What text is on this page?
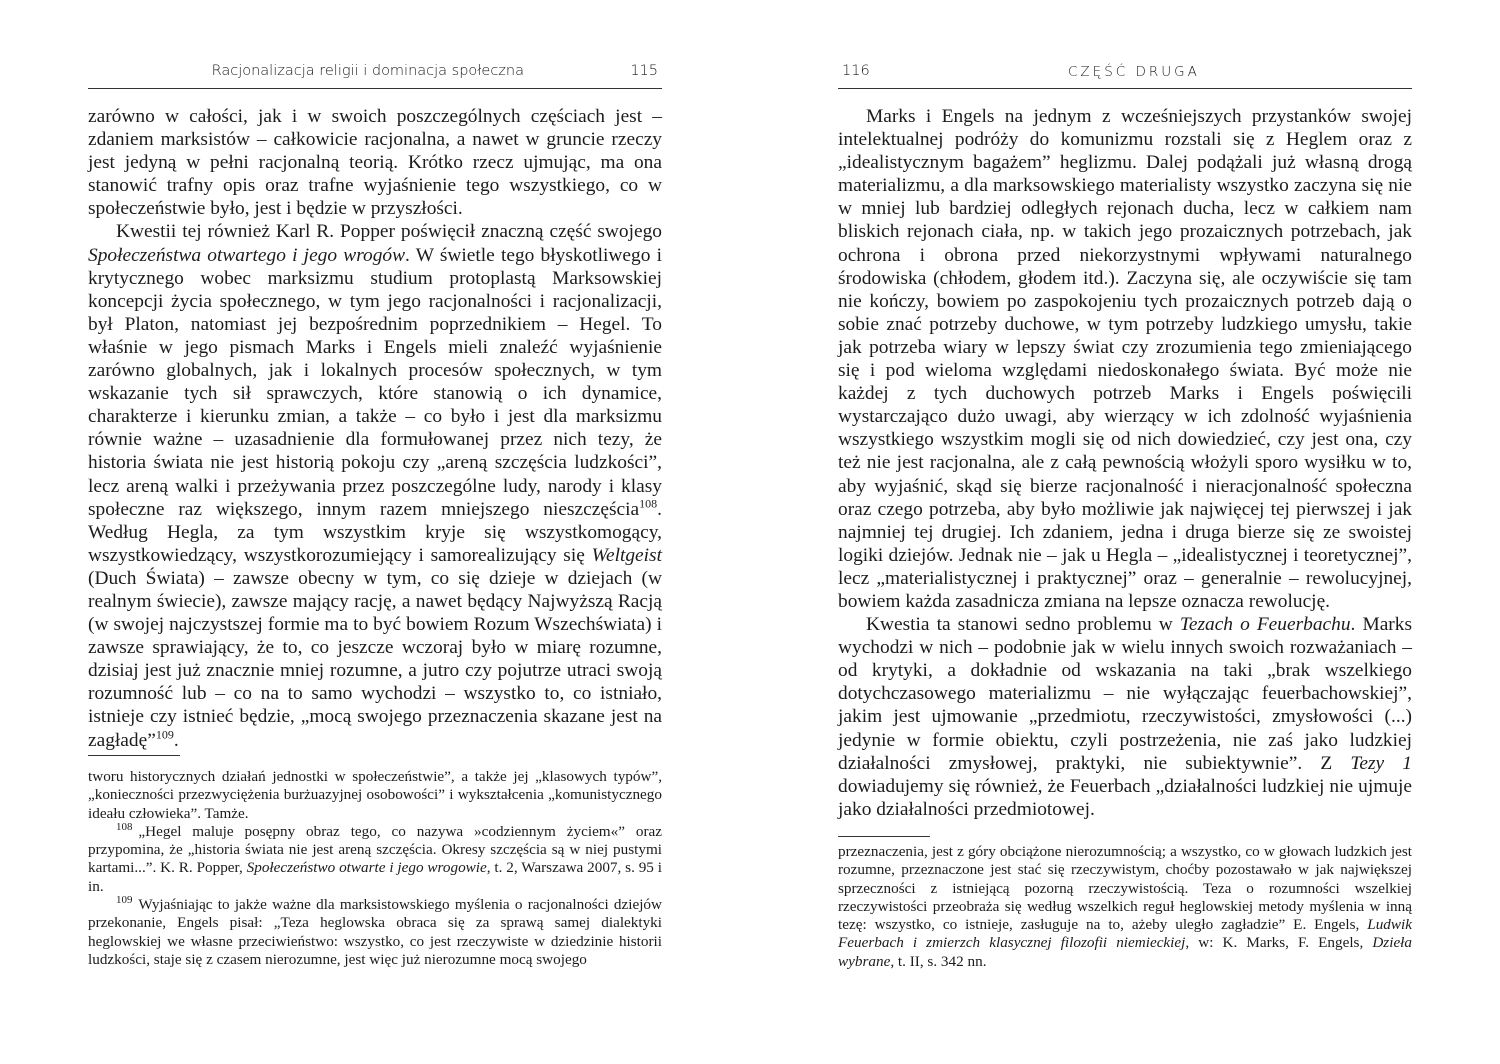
Racjonalizacja religii i dominacja społeczna	115

zarówno w całości, jak i w swoich poszczególnych częściach jest – zdaniem marksistów – całkowicie racjonalna, a nawet w gruncie rzeczy jest jedyną w pełni racjonalną teorią. Krótko rzecz ujmując, ma ona stanowić trafny opis oraz trafne wyjaśnienie tego wszystkiego, co w społeczeństwie było, jest i będzie w przyszłości.

Kwestii tej również Karl R. Popper poświęcił znaczną część swojego Społeczeństwa otwartego i jego wrogów. W świetle tego błyskotliwego i krytycznego wobec marksizmu studium protoplastą Marksowskiej koncepcji życia społecznego, w tym jego racjonalności i racjonalizacji, był Platon, natomiast jej bezpośrednim poprzednikiem – Hegel. To właśnie w jego pismach Marks i Engels mieli znaleźć wyjaśnienie zarówno globalnych, jak i lokalnych procesów społecznych, w tym wskazanie tych sił sprawczych, które stanowią o ich dynamice, charakterze i kierunku zmian, a także – co było i jest dla marksizmu równie ważne – uzasadnienie dla formułowanej przez nich tezy, że historia świata nie jest historią pokoju czy „areną szczęścia ludzkości”, lecz areną walki i przeżywania przez poszczególne ludy, narody i klasy społeczne raz większego, innym razem mniejszego nieszczęścia$^{108}$. Według Hegla, za tym wszystkim kryje się wszystkomogący, wszystkowiedzący, wszystkorozumiejący i samorealizujący się Weltgeist (Duch Świata) – zawsze obecny w tym, co się dzieje w dziejach (w realnym świecie), zawsze mający rację, a nawet będący Najwyższą Racją (w swojej najczystszej formie ma to być bowiem Rozum Wszechświata) i zawsze sprawiający, że to, co jeszcze wczoraj było w miarę rozumne, dzisiaj jest już znacznie mniej rozumne, a jutro czy pojutrze utraci swoją rozumność lub – co na to samo wychodzi – wszystko to, co istniało, istnieje czy istnieć będzie, „mocą swojego przeznaczenia skazane jest na zagładę”$^{109}$.

tworu historycznych działań jednostki w społeczeństwie”, a także jej „klasowych typów”, „konieczności przezwyciężenia burżuazyjnej osobowości” i wykształcenia „komunistycznego ideału człowieka”. Tamże.

$^{108}$ „Hegel maluje posępny obraz tego, co nazywa »codziennym życiem«” oraz przypomina, że „historia świata nie jest areną szczęścia. Okresy szczęścia są w niej pustymi kartami...”. K. R. Popper, Społeczeństwo otwarte i jego wrogowie, t. 2, Warszawa 2007, s. 95 i in.

$^{109}$ Wyjaśniając to jakże ważne dla marksistowskiego myślenia o racjonalności dziejów przekonanie, Engels pisał: „Teza heglowska obraca się za sprawą samej dialektyki heglowskiej we własne przeciwieństwo: wszystko, co jest rzeczywiste w dziedzinie historii ludzkości, staje się z czasem nierozumne, jest więc już nierozumne mocą swojego

116	CZĘŚĆ DRUGA

Marks i Engels na jednym z wcześniejszych przystanków swojej intelektualnej podróży do komunizmu rozstali się z Heglem oraz z „idealistycznym bagażem” heglizmu. Dalej podążali już własną drogą materializmu, a dla marksowskiego materialisty wszystko zaczyna się nie w mniej lub bardziej odległych rejonach ducha, lecz w całkiem nam bliskich rejonach ciała, np. w takich jego prozaicznych potrzebach, jak ochrona i obrona przed niekorzystnymi wpływami naturalnego środowiska (chłodem, głodem itd.). Zaczyna się, ale oczywiście się tam nie kończy, bowiem po zaspokojeniu tych prozaicznych potrzeb dają o sobie znać potrzeby duchowe, w tym potrzeby ludzkiego umysłu, takie jak potrzeba wiary w lepszy świat czy zrozumienia tego zmieniającego się i pod wieloma względami niedoskonałego świata. Być może nie każdej z tych duchowych potrzeb Marks i Engels poświęcili wystarczająco dużo uwagi, aby wierzący w ich zdolność wyjaśnienia wszystkiego wszystkim mogli się od nich dowiedzieć, czy jest ona, czy też nie jest racjonalna, ale z całą pewnością włożyli sporo wysiłku w to, aby wyjaśnić, skąd się bierze racjonalność i nieracjonalność społeczna oraz czego potrzeba, aby było możliwie jak najwięcej tej pierwszej i jak najmniej tej drugiej. Ich zdaniem, jedna i druga bierze się ze swoistej logiki dziejów. Jednak nie – jak u Hegla – „idealistycznej i teoretycznej”, lecz „materialistycznej i praktycznej” oraz – generalnie – rewolucyjnej, bowiem każda zasadnicza zmiana na lepsze oznacza rewolucję.

Kwestia ta stanowi sedno problemu w Tezach o Feuerbachu. Marks wychodzi w nich – podobnie jak w wielu innych swoich rozważaniach – od krytyki, a dokładnie od wskazania na taki „brak wszelkiego dotychczasowego materializmu – nie wyłączając feuerbachowskiej”, jakim jest ujmowanie „przedmiotu, rzeczywistości, zmysłowości (...) jedynie w formie obiektu, czyli postrzeżenia, nie zaś jako ludzkiej działalności zmysłowej, praktyki, nie subiektywnie”. Z Tezy 1 dowiadujemy się również, że Feuerbach „działalności ludzkiej nie ujmuje jako działalności przedmiotowej.

przeznaczenia, jest z góry obciążone nierozumnością; a wszystko, co w głowach ludzkich jest rozumne, przeznaczone jest stać się rzeczywistym, choćby pozostawało w jak największej sprzeczności z istniejącą pozorną rzeczywistością. Teza o rozumności wszelkiej rzeczywistości przeobraża się według wszelkich reguł heglowskiej metody myślenia w inną tezę: wszystko, co istnieje, zasługuje na to, ażeby uległo zagładzie” E. Engels, Ludwik Feuerbach i zmierzch klasycznej filozofii niemieckiej, w: K. Marks, F. Engels, Dzieła wybrane, t. II, s. 342 nn.
